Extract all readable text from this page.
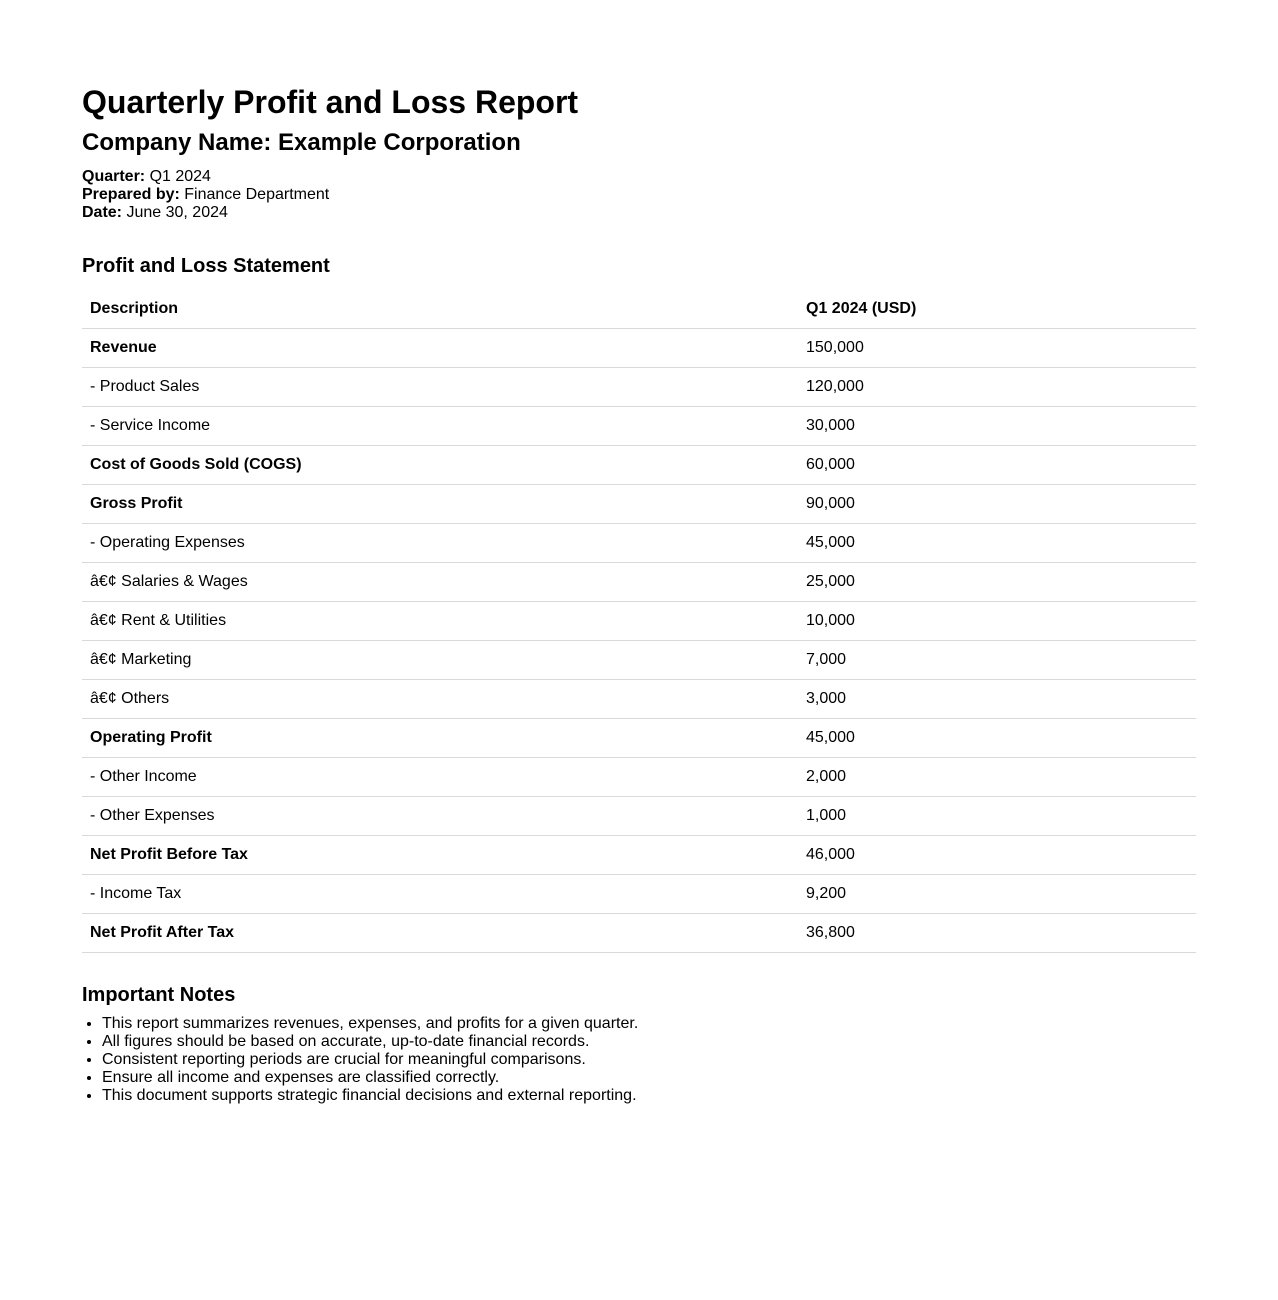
Quarterly Profit and Loss Report
Company Name: Example Corporation
Quarter: Q1 2024
Prepared by: Finance Department
Date: June 30, 2024
Profit and Loss Statement
Description	Q1 2024 (USD)
Revenue	150,000
- Product Sales	120,000
- Service Income	30,000
Cost of Goods Sold (COGS)	60,000
Gross Profit	90,000
- Operating Expenses	45,000
â€¢ Salaries & Wages	25,000
â€¢ Rent & Utilities	10,000
â€¢ Marketing	7,000
â€¢ Others	3,000
Operating Profit	45,000
- Other Income	2,000
- Other Expenses	1,000
Net Profit Before Tax	46,000
- Income Tax	9,200
Net Profit After Tax	36,800
Important Notes
• This report summarizes revenues, expenses, and profits for a given quarter.
• All figures should be based on accurate, up-to-date financial records.
• Consistent reporting periods are crucial for meaningful comparisons.
• Ensure all income and expenses are classified correctly.
• This document supports strategic financial decisions and external reporting.
